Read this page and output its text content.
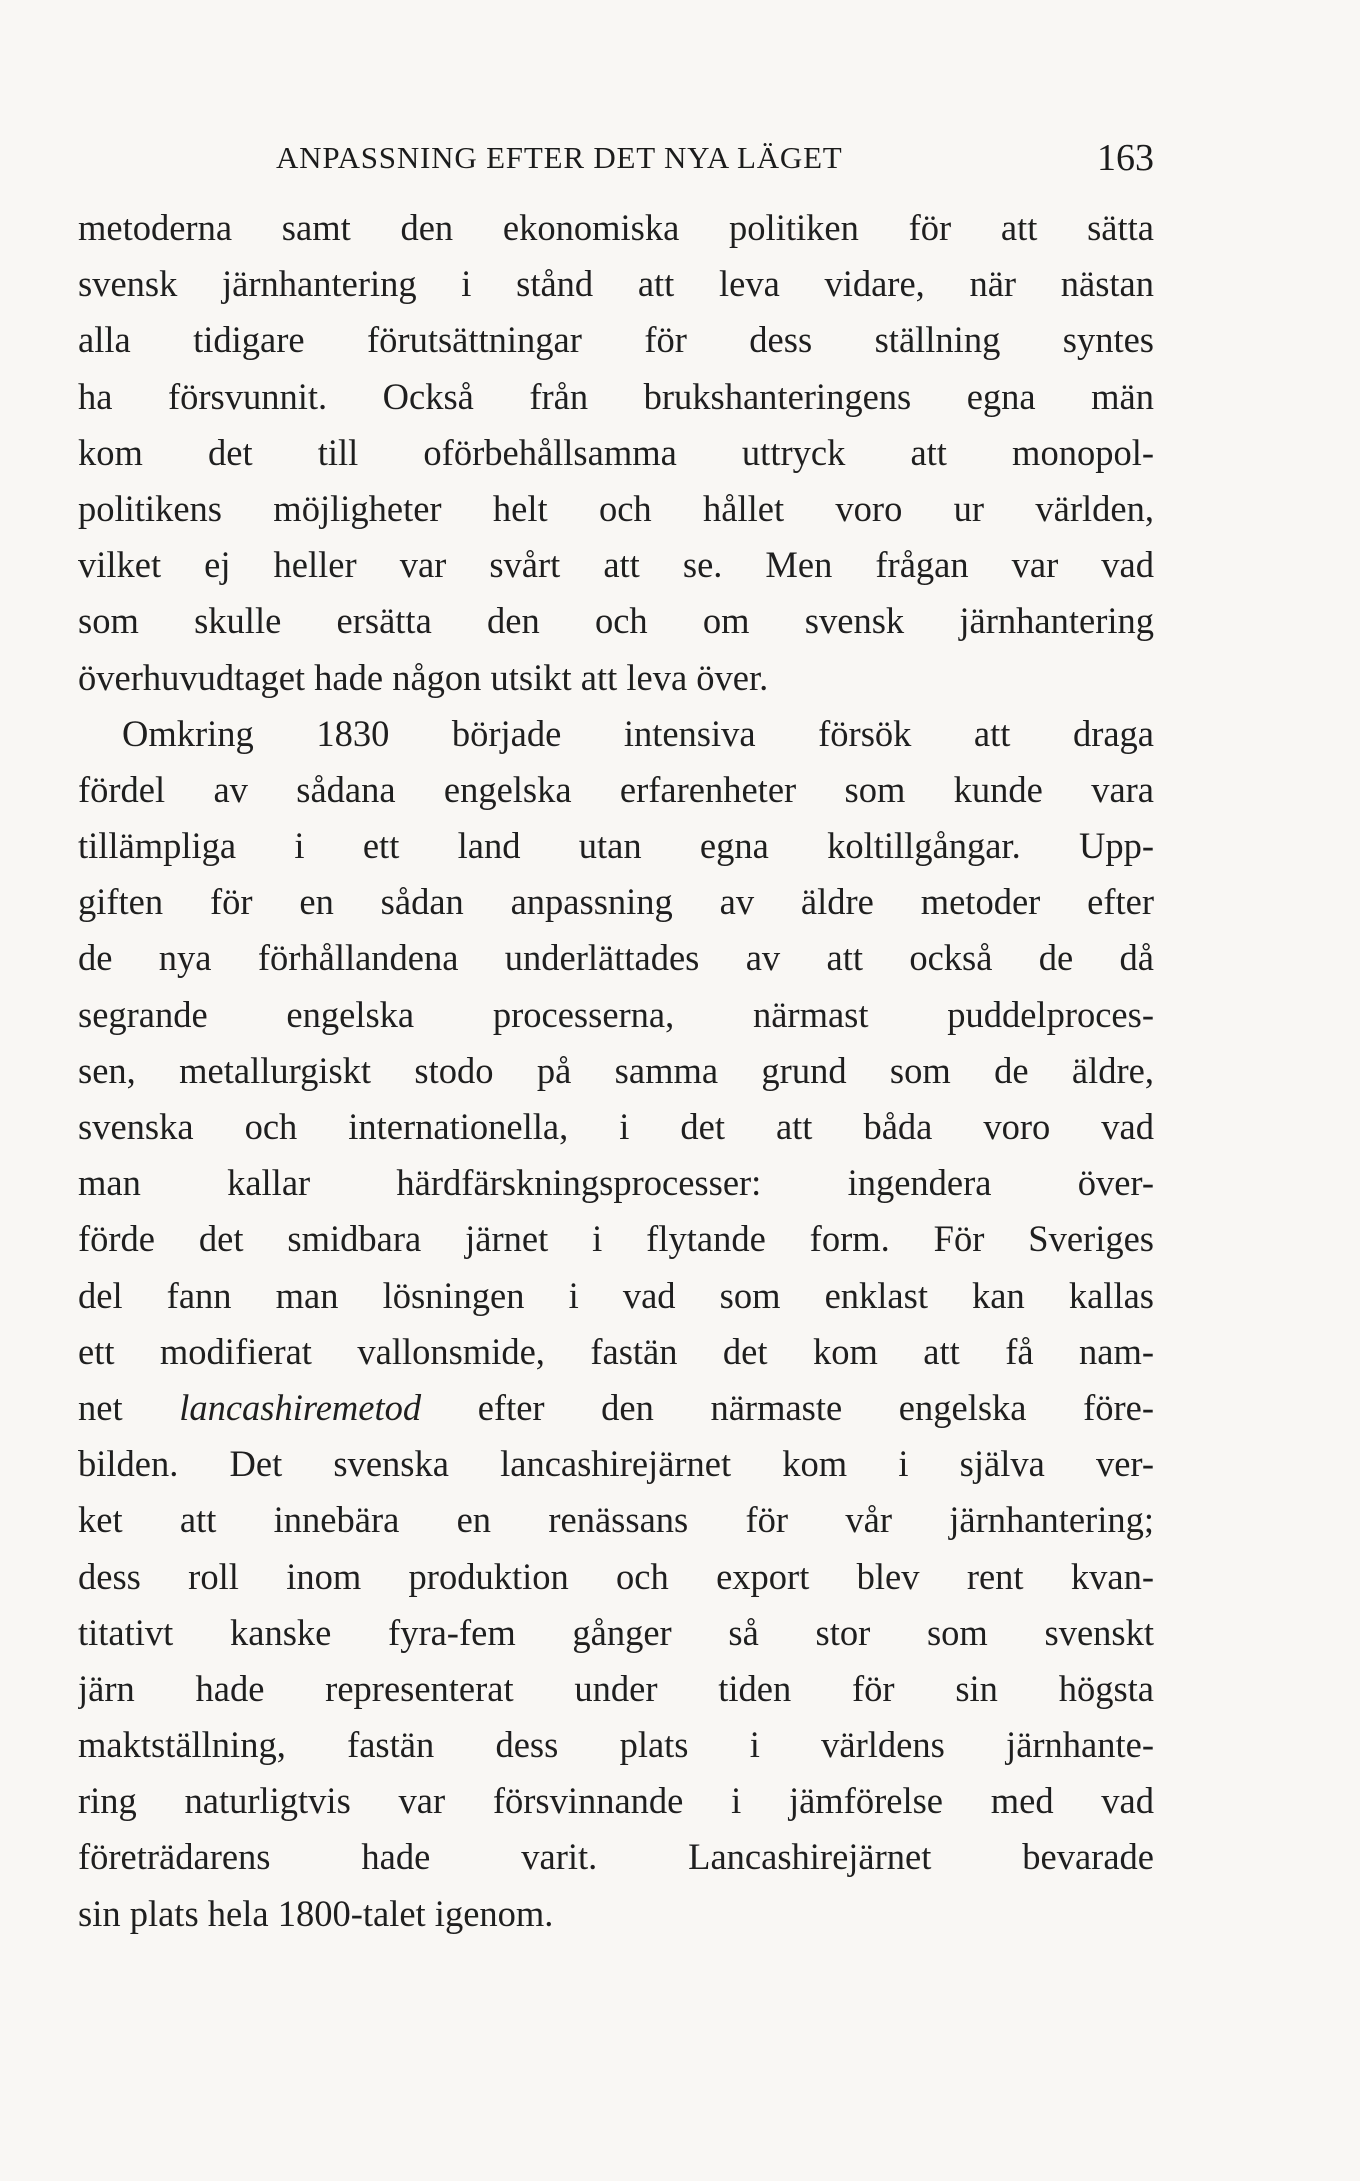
ANPASSNING EFTER DET NYA LÄGET	163
metoderna samt den ekonomiska politiken för att sätta
svensk järnhantering i stånd att leva vidare, när nästan
alla tidigare förutsättningar för dess ställning syntes
ha försvunnit. Också från brukshanteringens egna män
kom det till oförbehållsamma uttryck att monopol-
politikens möjligheter helt och hållet voro ur världen,
vilket ej heller var svårt att se. Men frågan var vad
som skulle ersätta den och om svensk järnhantering
överhuvudtaget hade någon utsikt att leva över.
Omkring 1830 började intensiva försök att draga
fördel av sådana engelska erfarenheter som kunde vara
tillämpliga i ett land utan egna koltillgångar. Upp-
giften för en sådan anpassning av äldre metoder efter
de nya förhållandena underlättades av att också de då
segrande engelska processerna, närmast puddelproces-
sen, metallurgiskt stodo på samma grund som de äldre,
svenska och internationella, i det att båda voro vad
man kallar härdfärskningsprocesser: ingendera över-
förde det smidbara järnet i flytande form. För Sveriges
del fann man lösningen i vad som enklast kan kallas
ett modifierat vallonsmide, fastän det kom att få nam-
net lancashiremetod efter den närmaste engelska före-
bilden. Det svenska lancashirejärnet kom i själva ver-
ket att innebära en renässans för vår järnhantering;
dess roll inom produktion och export blev rent kvan-
titativt kanske fyra-fem gånger så stor som svenskt
järn hade representerat under tiden för sin högsta
maktställning, fastän dess plats i världens järnhante-
ring naturligtvis var försvinnande i jämförelse med vad
företrädarens hade varit. Lancashirejärnet bevarade
sin plats hela 1800-talet igenom.
